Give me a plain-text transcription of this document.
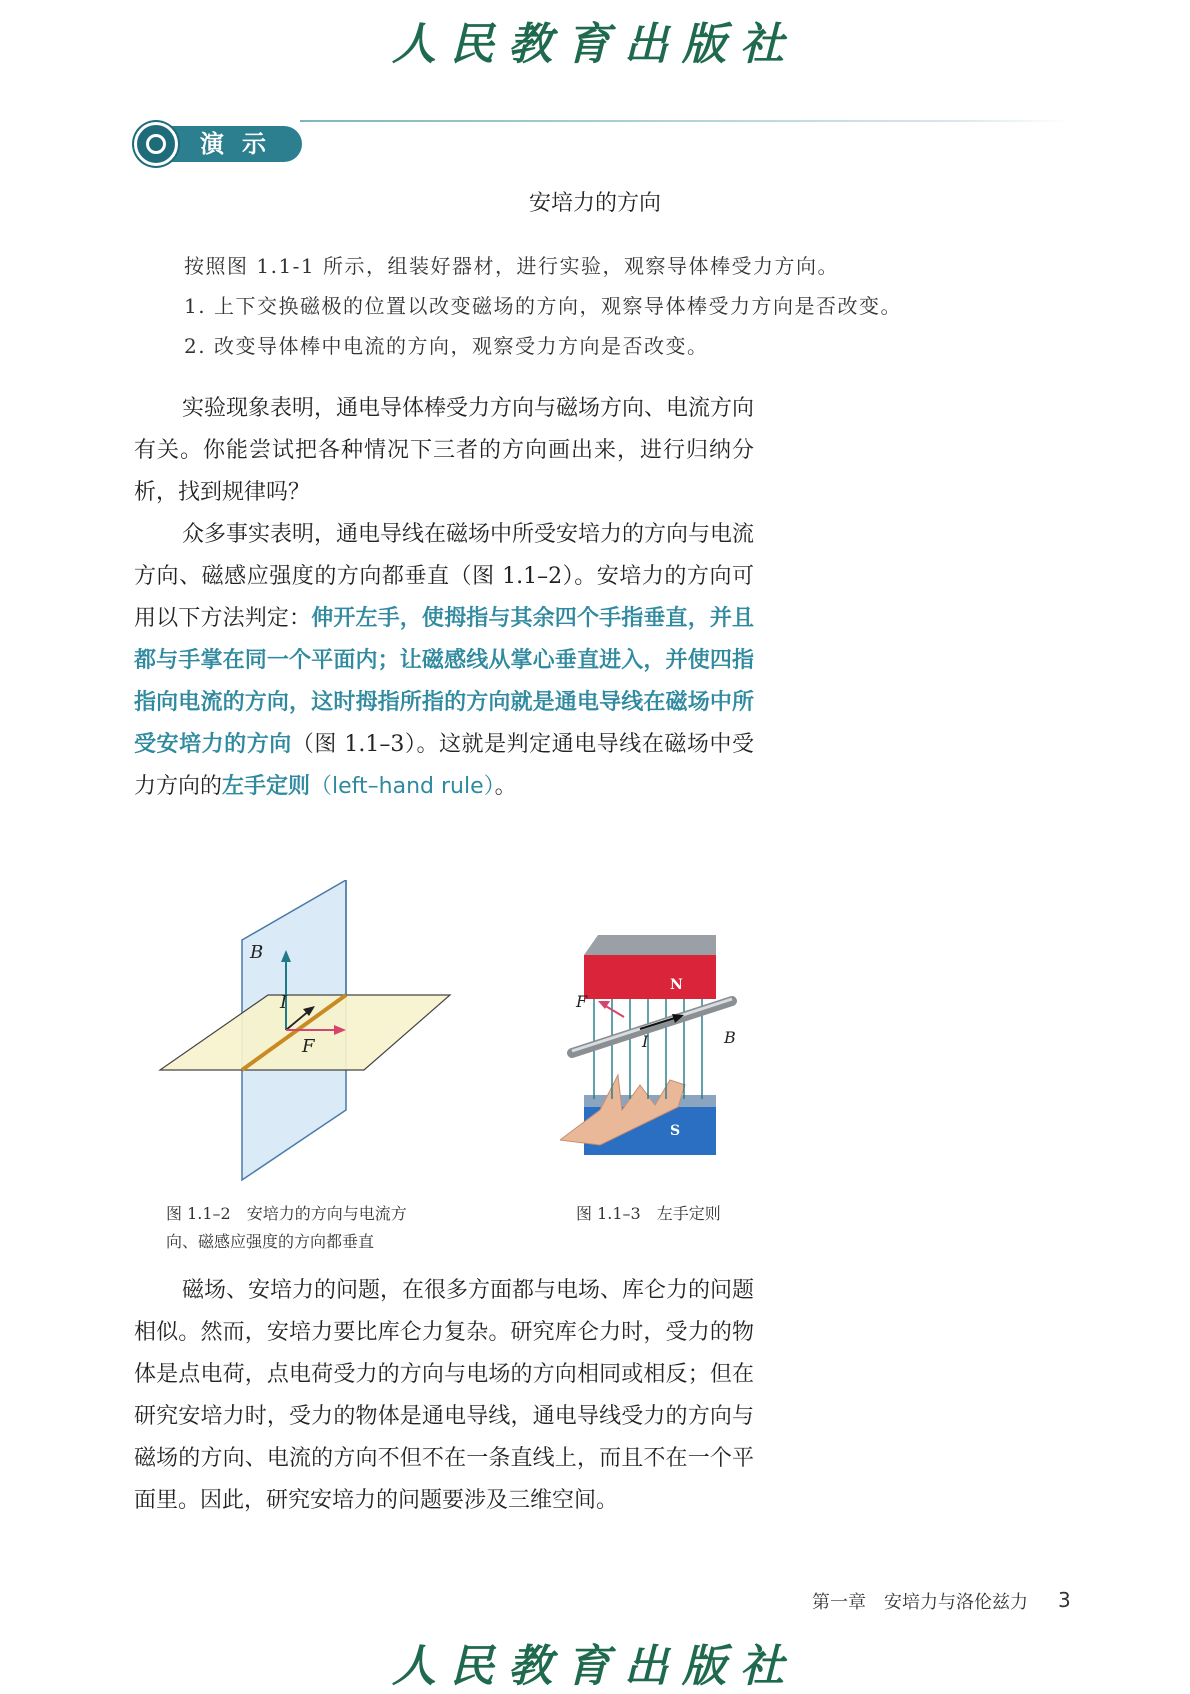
人民教育出版社
演示
安培力的方向
按照图 1.1-1 所示，组装好器材，进行实验，观察导体棒受力方向。
1. 上下交换磁极的位置以改变磁场的方向，观察导体棒受力方向是否改变。
2. 改变导体棒中电流的方向，观察受力方向是否改变。

实验现象表明，通电导体棒受力方向与磁场方向、电流方向有关。你能尝试把各种情况下三者的方向画出来，进行归纳分析，找到规律吗？

众多事实表明，通电导线在磁场中所受安培力的方向与电流方向、磁感应强度的方向都垂直（图 1.1–2）。安培力的方向可用以下方法判定：伸开左手，使拇指与其余四个手指垂直，并且都与手掌在同一个平面内；让磁感线从掌心垂直进入，并使四指指向电流的方向，这时拇指所指的方向就是通电导线在磁场中所受安培力的方向（图 1.1–3）。这就是判定通电导线在磁场中受力方向的左手定则（left–hand rule）。

B
I
F
图 1.1–2　安培力的方向与电流方
向、磁感应强度的方向都垂直
N
S
F
I	B
图 1.1–3　左手定则

磁场、安培力的问题，在很多方面都与电场、库仑力的问题相似。然而，安培力要比库仑力复杂。研究库仑力时，受力的物体是点电荷，点电荷受力的方向与电场的方向相同或相反；但在研究安培力时，受力的物体是通电导线，通电导线受力的方向与磁场的方向、电流的方向不但不在一条直线上，而且不在一个平面里。因此，研究安培力的问题要涉及三维空间。

第一章　安培力与洛伦兹力 3
人民教育出版社
